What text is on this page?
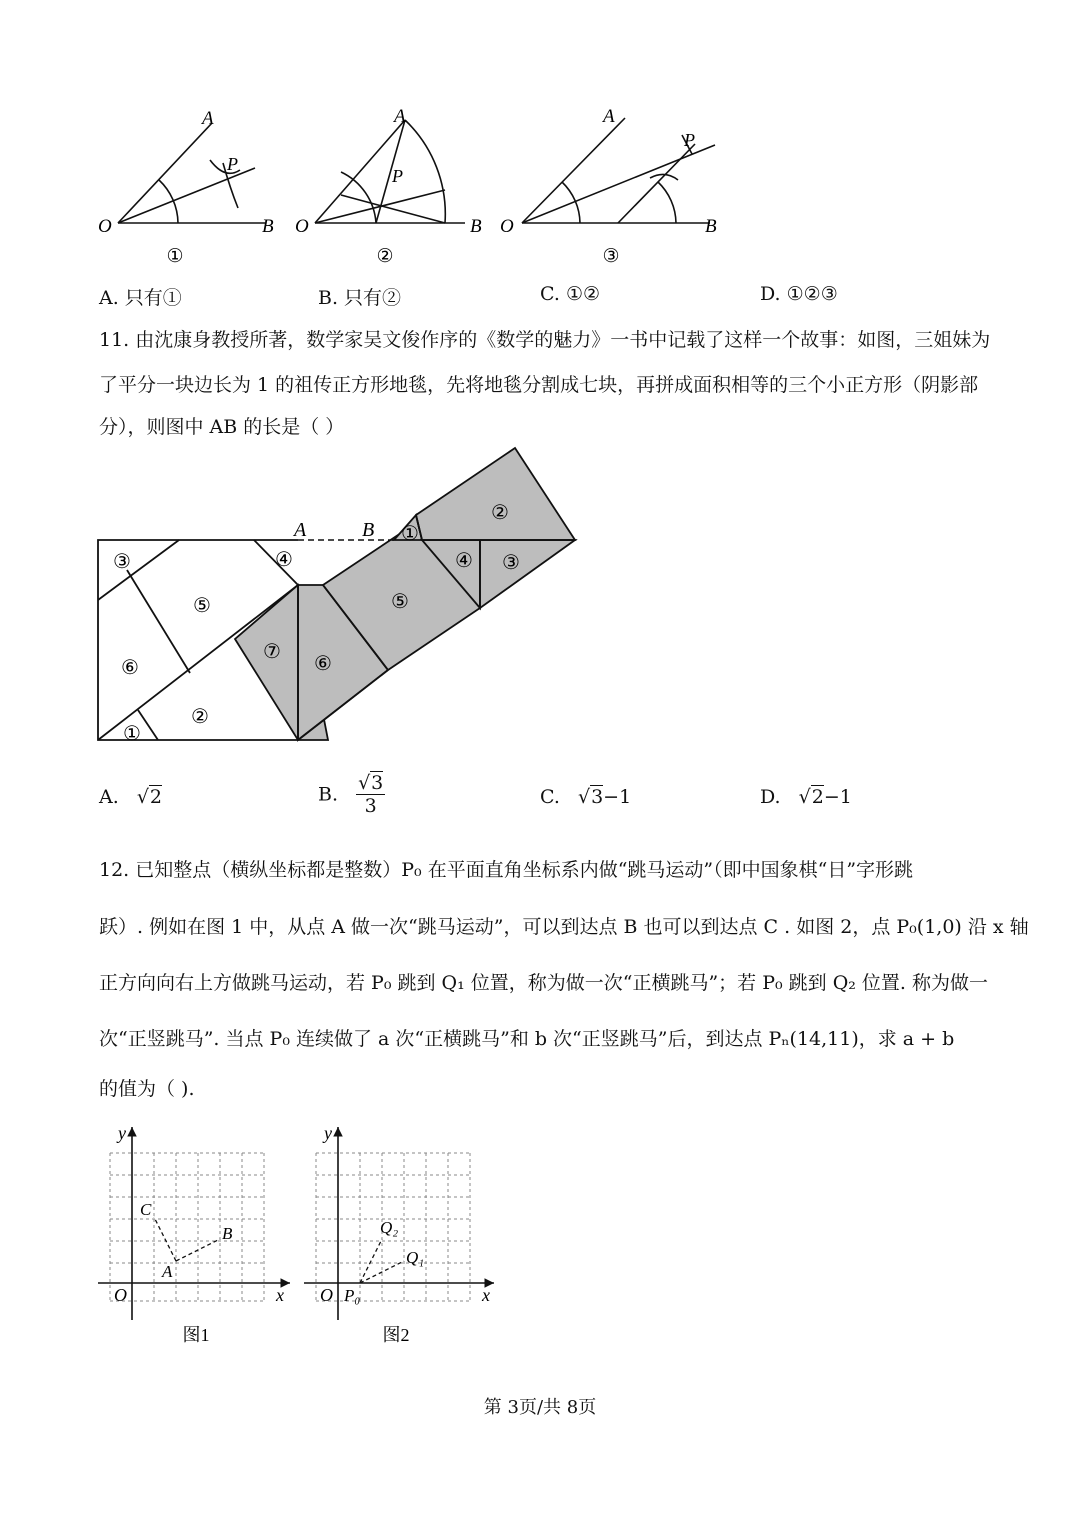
O
A
B
P
O
A
B
P
O
A
B
P
①	②	③
A. 只有①	B. 只有②	C. ①②	D. ①②③
11. 由沈康身教授所著，数学家吴文俊作序的《数学的魅力》一书中记载了这样一个故事：如图，三姐妹为
了平分一块边长为 1 的祖传正方形地毯，先将地毯分割成七块，再拼成面积相等的三个小正方形（阴影部
分），则图中 AB 的长是（ ）
A	B
③	④
⑤
⑥
②
①
⑦
⑥
⑤
①
④ ③
②
A. √2	B. $\frac{√3}{3}$	C. √3−1	D. √2−1
12. 已知整点（横纵坐标都是整数）P₀ 在平面直角坐标系内做“跳马运动”（即中国象棋“日”字形跳
跃）. 例如在图 1 中，从点 A 做一次“跳马运动”，可以到达点 B 也可以到达点 C . 如图 2，点 P₀(1,0) 沿 x 轴
正方向向右上方做跳马运动，若 P₀ 跳到 Q₁ 位置，称为做一次“正横跳马”；若 P₀ 跳到 Q₂ 位置. 称为做一
次“正竖跳马”. 当点 P₀ 连续做了 a 次“正横跳马”和 b 次“正竖跳马”后，到达点 Pₙ(14,11)，求 a + b
的值为（ ).
y
x
O
A
B
C
图1
y
x
O P₀
Q₁
Q₂
图2
第 3页/共 8页
